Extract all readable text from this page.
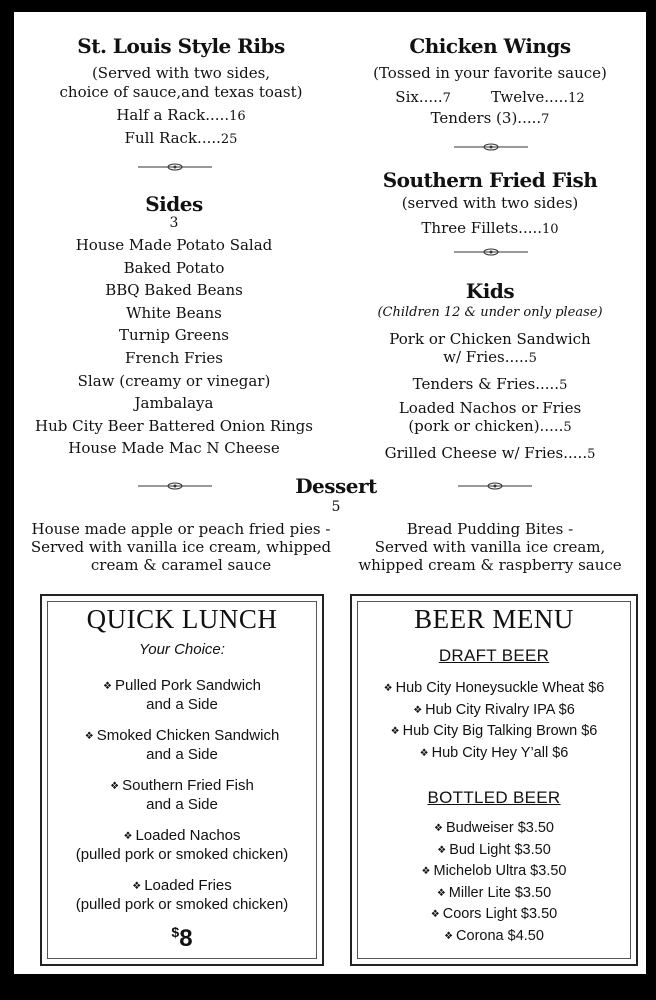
St. Louis Style Ribs
(Served with two sides,
choice of sauce,and texas toast)
Half a Rack.....16
Full Rack.....25
Sides
3
House Made Potato Salad
Baked Potato
BBQ Baked Beans
White Beans
Turnip Greens
French Fries
Slaw (creamy or vinegar)
Jambalaya
Hub City Beer Battered Onion Rings
House Made Mac N Cheese
Chicken Wings
(Tossed in your favorite sauce)
Six.....7	Twelve.....12
Tenders (3).....7
Southern Fried Fish
(served with two sides)
Three Fillets.....10
Kids
(Children 12 & under only please)
Pork or Chicken Sandwich
w/ Fries.....5
Tenders & Fries.....5
Loaded Nachos or Fries
(pork or chicken).....5
Grilled Cheese w/ Fries.....5
Dessert
5
House made apple or peach fried pies -
Served with vanilla ice cream, whipped
cream & caramel sauce
Bread Pudding Bites -
Served with vanilla ice cream,
whipped cream & raspberry sauce
QUICK LUNCH
Your Choice:
❖ Pulled Pork Sandwich
and a Side
❖ Smoked Chicken Sandwich
and a Side
❖ Southern Fried Fish
and a Side
❖ Loaded Nachos
(pulled pork or smoked chicken)
❖ Loaded Fries
(pulled pork or smoked chicken)
$8
BEER MENU
DRAFT BEER
❖ Hub City Honeysuckle Wheat $6
❖ Hub City Rivalry IPA $6
❖ Hub City Big Talking Brown $6
❖ Hub City Hey Y’all $6
BOTTLED BEER
❖ Budweiser $3.50
❖ Bud Light $3.50
❖ Michelob Ultra $3.50
❖ Miller Lite $3.50
❖ Coors Light $3.50
❖ Corona $4.50
